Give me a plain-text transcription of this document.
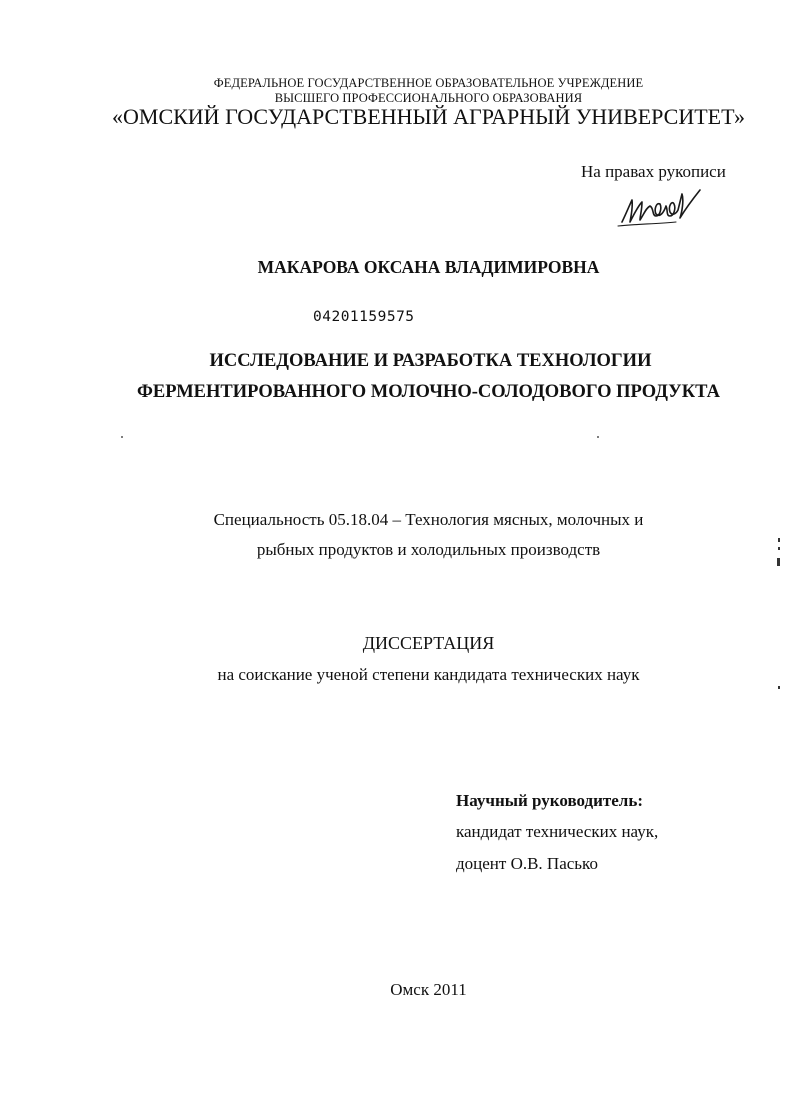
ФЕДЕРАЛЬНОЕ ГОСУДАРСТВЕННОЕ ОБРАЗОВАТЕЛЬНОЕ УЧРЕЖДЕНИЕ
ВЫСШЕГО ПРОФЕССИОНАЛЬНОГО ОБРАЗОВАНИЯ
«ОМСКИЙ ГОСУДАРСТВЕННЫЙ АГРАРНЫЙ УНИВЕРСИТЕТ»
На правах рукописи
МАКАРОВА ОКСАНА ВЛАДИМИРОВНА
04201159575
ИССЛЕДОВАНИЕ И РАЗРАБОТКА ТЕХНОЛОГИИ
ФЕРМЕНТИРОВАННОГО МОЛОЧНО-СОЛОДОВОГО ПРОДУКТА
Специальность 05.18.04 – Технология мясных, молочных и
рыбных продуктов и холодильных производств
ДИССЕРТАЦИЯ
на соискание ученой степени кандидата технических наук
Научный руководитель:
кандидат технических наук,
доцент О.В. Пасько
Омск 2011
